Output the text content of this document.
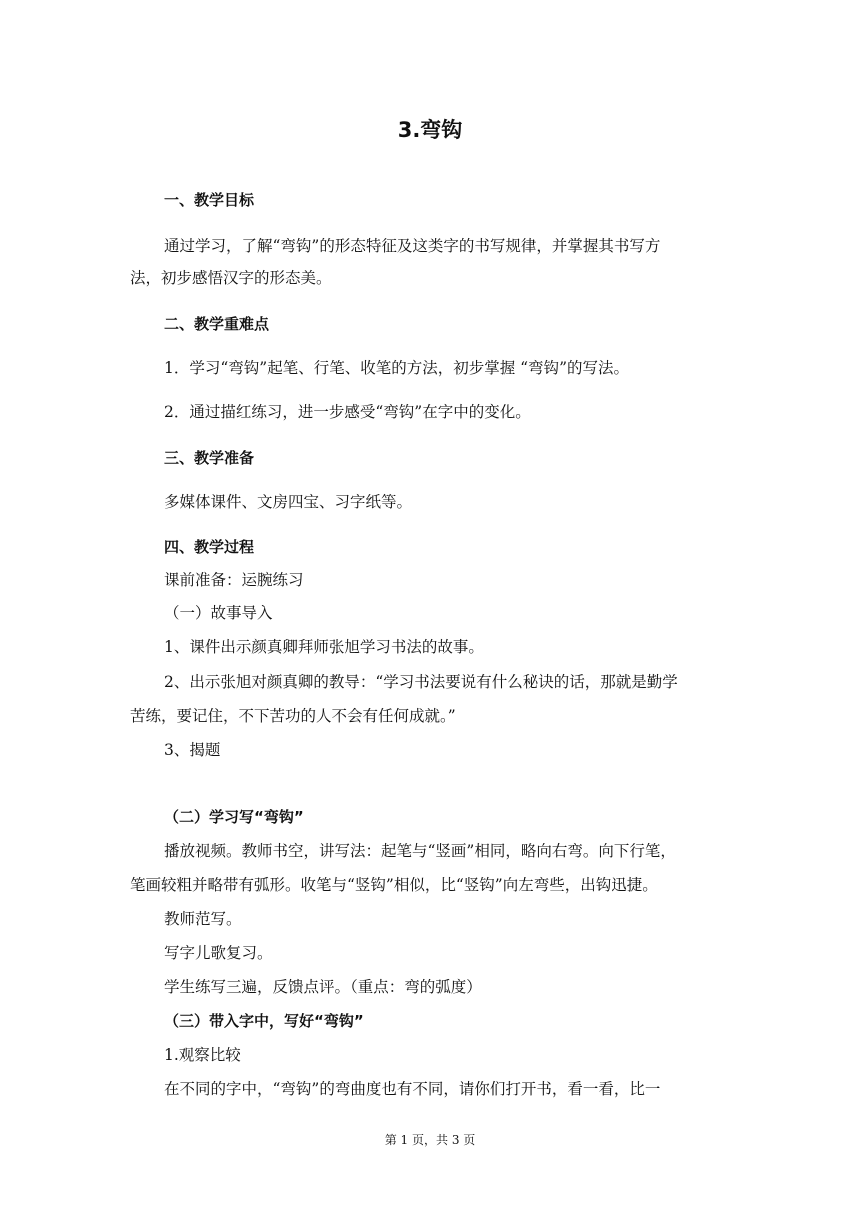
3.弯钩
一、教学目标
通过学习，了解“弯钩”的形态特征及这类字的书写规律，并掌握其书写方
法，初步感悟汉字的形态美。
二、教学重难点
1．学习“弯钩”起笔、行笔、收笔的方法，初步掌握 “弯钩”的写法。
2．通过描红练习，进一步感受“弯钩”在字中的变化。
三、教学准备
多媒体课件、文房四宝、习字纸等。
四、教学过程
课前准备：运腕练习
（一）故事导入
1、课件出示颜真卿拜师张旭学习书法的故事。
2、出示张旭对颜真卿的教导：“学习书法要说有什么秘诀的话，那就是勤学
苦练，要记住，不下苦功的人不会有任何成就。”
3、揭题
（二）学习写“弯钩”
播放视频。教师书空，讲写法：起笔与“竖画”相同，略向右弯。向下行笔，
笔画较粗并略带有弧形。收笔与“竖钩”相似，比“竖钩”向左弯些，出钩迅捷。
教师范写。
写字儿歌复习。
学生练写三遍，反馈点评。（重点：弯的弧度）
（三）带入字中，写好“弯钩”
1.观察比较
在不同的字中，“弯钩”的弯曲度也有不同，请你们打开书，看一看，比一
第 1 页，共 3 页
